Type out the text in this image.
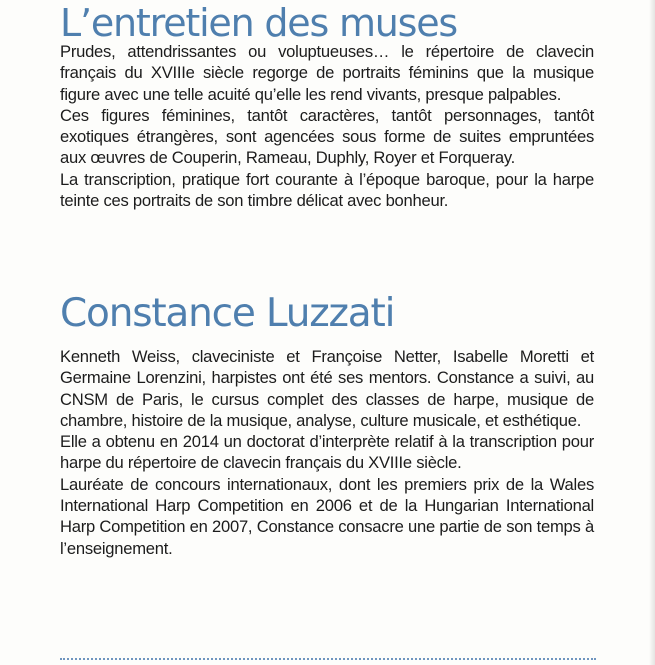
L’entretien des muses

Prudes, attendrissantes ou voluptueuses… le répertoire de clavecin français du XVIIIe siècle regorge de portraits féminins que la musique figure avec une telle acuité qu’elle les rend vivants, presque palpables.

Ces figures féminines, tantôt caractères, tantôt personnages, tantôt exotiques étrangères, sont agencées sous forme de suites empruntées aux œuvres de Couperin, Rameau, Duphly, Royer et Forqueray.

La transcription, pratique fort courante à l’époque baroque, pour la harpe teinte ces portraits de son timbre délicat avec bonheur.

Constance Luzzati

Kenneth Weiss, claveciniste et Françoise Netter, Isabelle Moretti et Germaine Lorenzini, harpistes ont été ses mentors. Constance a suivi, au CNSM de Paris, le cursus complet des classes de harpe, musique de chambre, histoire de la musique, analyse, culture musicale, et esthétique.

Elle a obtenu en 2014 un doctorat d’interprète relatif à la transcription pour harpe du répertoire de clavecin français du XVIIIe siècle.

Lauréate de concours internationaux, dont les premiers prix de la Wales International Harp Competition en 2006 et de la Hungarian International Harp Competition en 2007, Constance consacre une partie de son temps à l’enseignement.
